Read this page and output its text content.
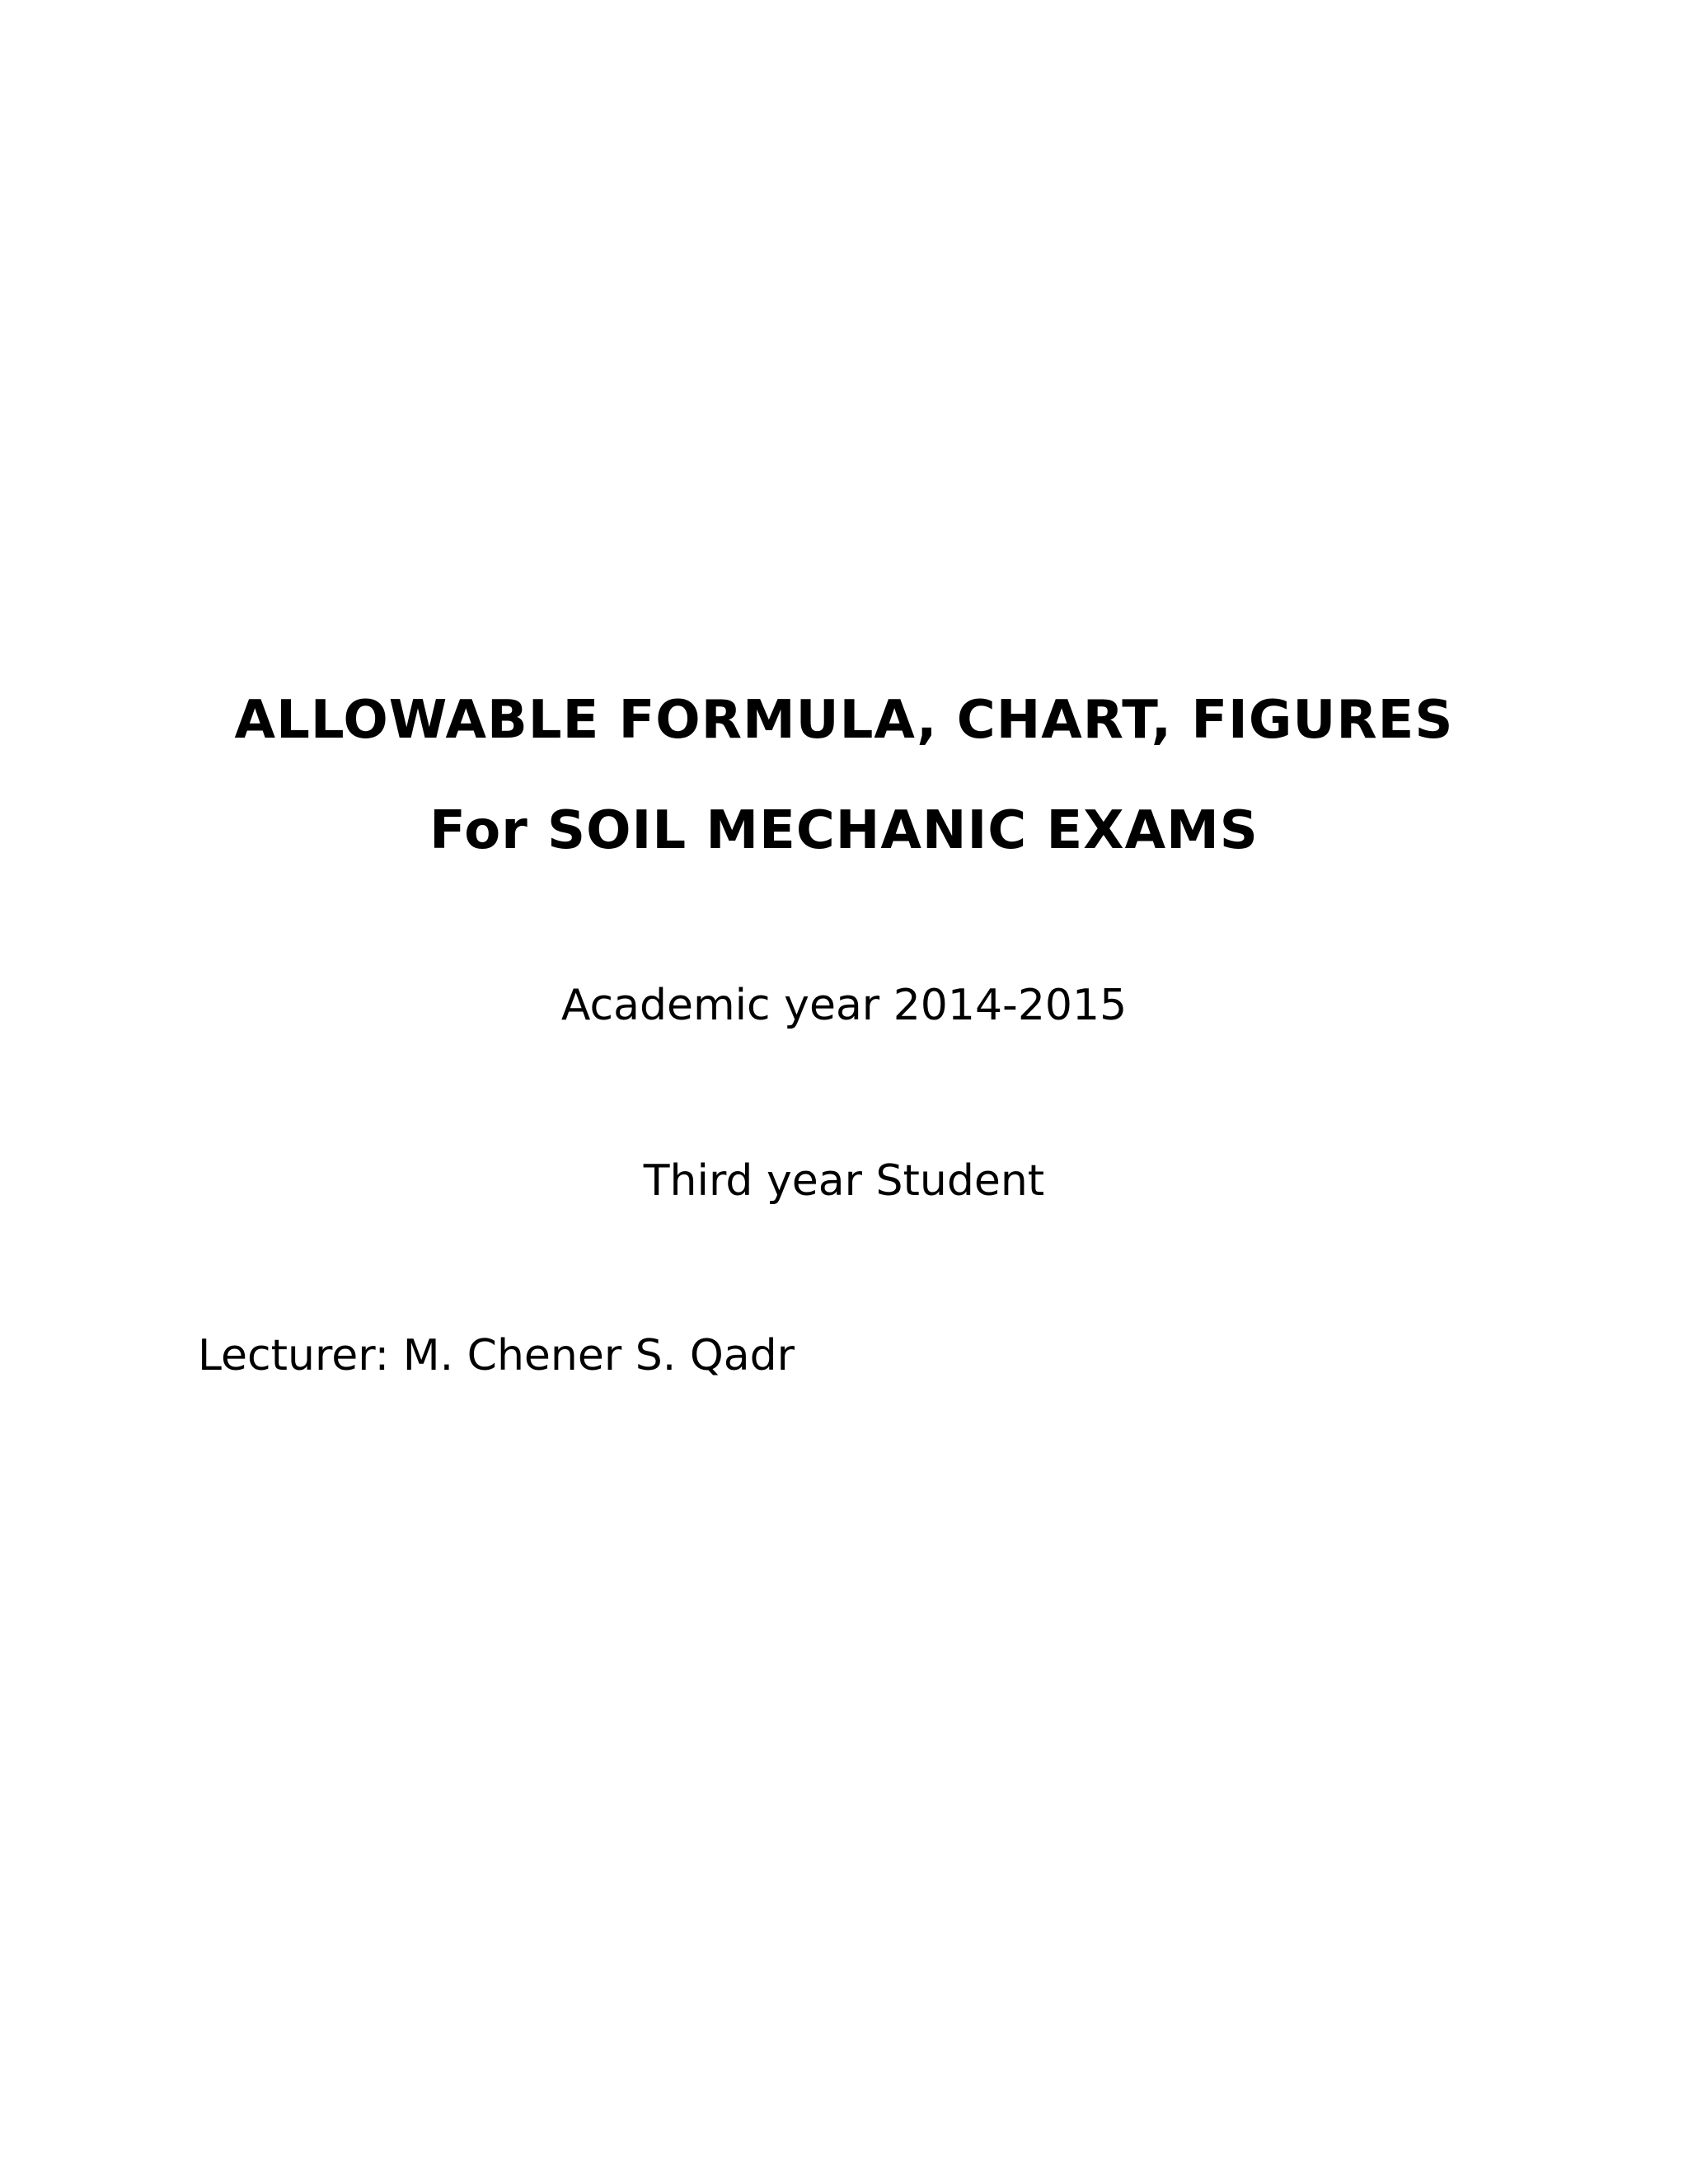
ALLOWABLE FORMULA, CHART, FIGURES
For SOIL MECHANIC EXAMS
Academic year 2014-2015
Third year Student
Lecturer: M. Chener S. Qadr
